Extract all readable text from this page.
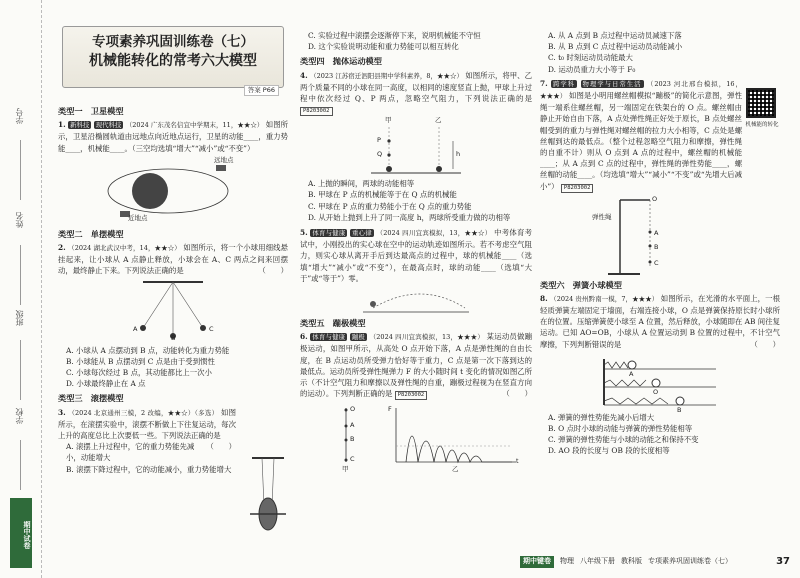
学号
姓名
班级
学校
期中试卷
专项素养巩固训练卷（七）
机械能转化的常考六大模型
答案 P66
类型一　卫星模型
1. 新科技 现代科技 （2024 广东茂名信宜中学期末，11，★★☆） 如图所示，卫星沿椭圆轨道由远地点向近地点运行，卫星的动能____，重力势能____，机械能____。（三空均选填“增大”“减小”或“不变”）
远地点
近地点
类型二　单摆模型
2. （2024 湖北武汉中考，14，★★☆） 如图所示，将一个小球用细线悬挂起来，让小球从 A 点静止释放，小球会在 A、C 两点之间来回摆动，最终静止下来。下列说法正确的是	（　　）
A
B
C
A. 小球从 A 点摆动到 B 点，动能转化为重力势能
B. 小球能从 B 点摆动到 C 点是由于受到惯性
C. 小球每次经过 B 点，其动能都比上一次小
D. 小球最终静止在 A 点
类型三　滚摆模型
3. （2024 北京通州三模，2 改编，★★☆）（多选） 如图所示，在滚摆实验中，滚摆不断做上下往复运动，每次上升的高度总比上次要低一些。下列说法正确的是
（　　）
A. 滚摆上升过程中，它的重力势能先减小，动能增大
B. 滚摆下降过程中，它的动能减小，重力势能增大
C. 实验过程中滚摆会逐渐停下来，说明机械能不守恒
D. 这个实验说明动能和重力势能可以相互转化
类型四　抛体运动模型
4. （2023 江苏宿迁泗阳县期中学科素养，8，★★☆） 如图所示，将甲、乙两个质量不同的小球在同一高度，以相同的速度竖直上抛，甲球上升过程中依次经过 Q、P 两点，忽略空气阻力，下列说法正确的是 P8203002
甲	乙
P
Q	h
A. 上抛的瞬间，两球的动能相等
B. 甲球在 P 点的机械能等于在 Q 点的机械能
C. 甲球在 P 点的重力势能小于在 Q 点的重力势能
D. 从开始上抛到上升了同一高度 h，两球所受重力做的功相等
5. 体育与健康 重心律 （2024 四川宜宾模拟，13，★★☆） 中考体育考试中，小刚投出的实心球在空中的运动轨迹如图所示。若不考虑空气阻力，则实心球从离开手后到达最高点的过程中，球的机械能____（选填“增大”“减小”或“不变”），在最高点时，球的动能____（选填“大于”或“等于”）零。
类型五　蹦极模型
6. 体育与健康 蹦极 （2024 四川宜宾模拟，13，★★★） 某运动员做蹦极运动，如图甲所示，从高处 O 点开始下落，A 点是弹性绳的自由长度，在 B 点运动员所受弹力恰好等于重力，C 点是第一次下落到达的最低点。运动员所受弹性绳弹力 F 的大小随时间 t 变化的情况如图乙所示（不计空气阻力和摩擦以及弹性绳的自重，蹦极过程视为在竖直方向的运动）。下列判断正确的是	（　　）
P8203002
O
A
B
C
甲	乙
F
t
A. 从 A 点到 B 点过程中运动员减速下落
B. 从 B 点到 C 点过程中运动员动能减小
C. t₀ 时刻运动员动能最大
D. 运动员重力大小等于 F₀
7. 跨学科 物理学与日常生活 （2023 河北邢台模拟，16，★★★） 如图是小明用螺丝帽模拟“蹦极”的简化示意图，弹性绳一端系住螺丝帽，另一端固定在铁架台的 O 点。螺丝帽由静止开始自由下落，A 点处弹性绳正好处于原长，B 点处螺丝帽受到的重力与弹性绳对螺丝帽的拉力大小相等，C 点处是螺丝帽到达的最低点。（整个过程忽略空气阻力和摩擦，弹性绳的自重不计）则从 O 点到 A 点的过程中，螺丝帽的机械能____；从 A 点到 C 点的过程中，弹性绳的弹性势能____，螺丝帽的动能____。（均选填“增大”“减小”“不变”或“先增大后减小”） P8203002
机械能的转化
O
弹性绳
A
B
C
类型六　弹簧小球模型
8. （2024 贵州黔南一模，7，★★★） 如图所示，在光滑的水平面上，一根轻质弹簧左端固定于墙面，右端连接小球，O 点是弹簧保持原长时小球所在的位置。压缩弹簧使小球至 A 位置，然后释放，小球随即在 AB 间往复运动。已知 AO=OB，小球从 A 位置运动到 B 位置的过程中，不计空气摩擦，下列判断错误的是	（　　）
A
O
B
A. 弹簧的弹性势能先减小后增大
B. O 点时小球的动能与弹簧的弹性势能相等
C. 弹簧的弹性势能与小球的动能之和保持不变
D. AO 段的长度与 OB 段的长度相等
期中键卷	物理 八年级下册 教科版 专项素养巩固训练卷（七）	37
